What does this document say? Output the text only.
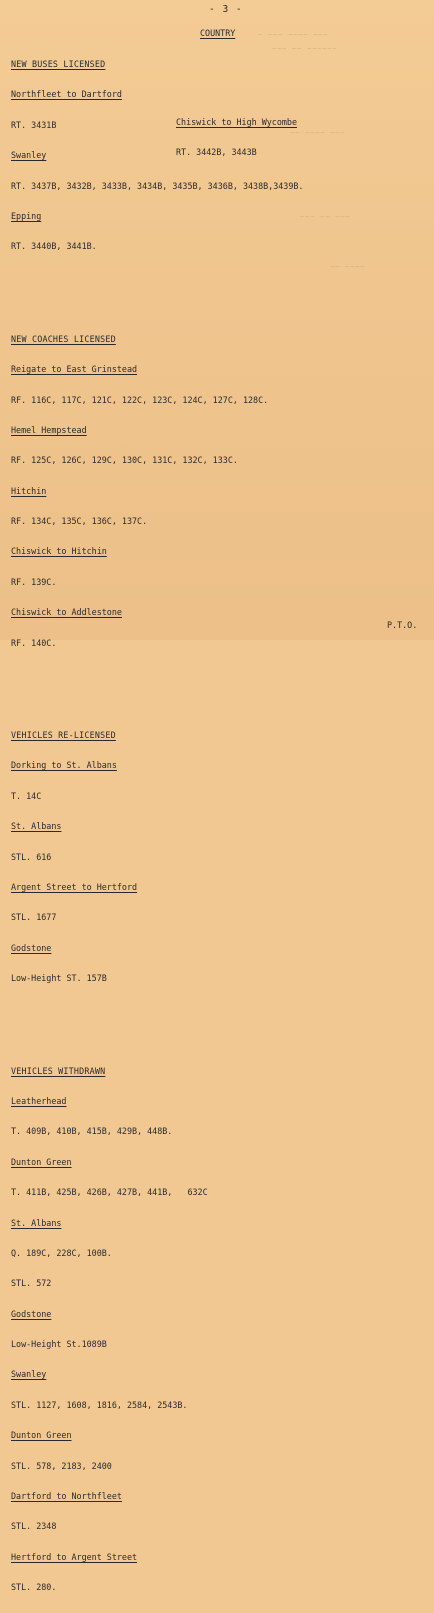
- 3 -
COUNTRY	~ ~~~ ~~~~ ~~~
~~~ ~~ ~~~~~~
~~ ~~~~ ~~~
~~~ ~~ ~~~
~~ ~~~~

NEW BUSES LICENSED

Northfleet to Dartford

RT. 3431B

Swanley

RT. 3437B, 3432B, 3433B, 3434B, 3435B, 3436B, 3438B,3439B.

Epping

RT. 3440B, 3441B.

NEW COACHES LICENSED

Reigate to East Grinstead

RF. 116C, 117C, 121C, 122C, 123C, 124C, 127C, 128C.

Hemel Hempstead

RF. 125C, 126C, 129C, 130C, 131C, 132C, 133C.

Hitchin

RF. 134C, 135C, 136C, 137C.

Chiswick to Hitchin

RF. 139C.

Chiswick to Addlestone

RF. 140C.

VEHICLES RE-LICENSED

Dorking to St. Albans

T. 14C

St. Albans

STL. 616

Argent Street to Hertford

STL. 1677

Godstone

Low-Height ST. 157B

VEHICLES WITHDRAWN

Leatherhead

T. 409B, 410B, 415B, 429B, 448B.

Dunton Green

T. 411B, 425B, 426B, 427B, 441B,   632C

St. Albans

Q. 189C, 228C, 100B.

STL. 572

Godstone

Low-Height St.1089B

Swanley

STL. 1127, 1608, 1816, 2584, 2543B.

Dunton Green

STL. 578, 2183, 2400

Dartford to Northfleet

STL. 2348

Hertford to Argent Street

STL. 280.

Chiswick to High Wycombe

RT. 3442B, 3443B

P.T.O.
